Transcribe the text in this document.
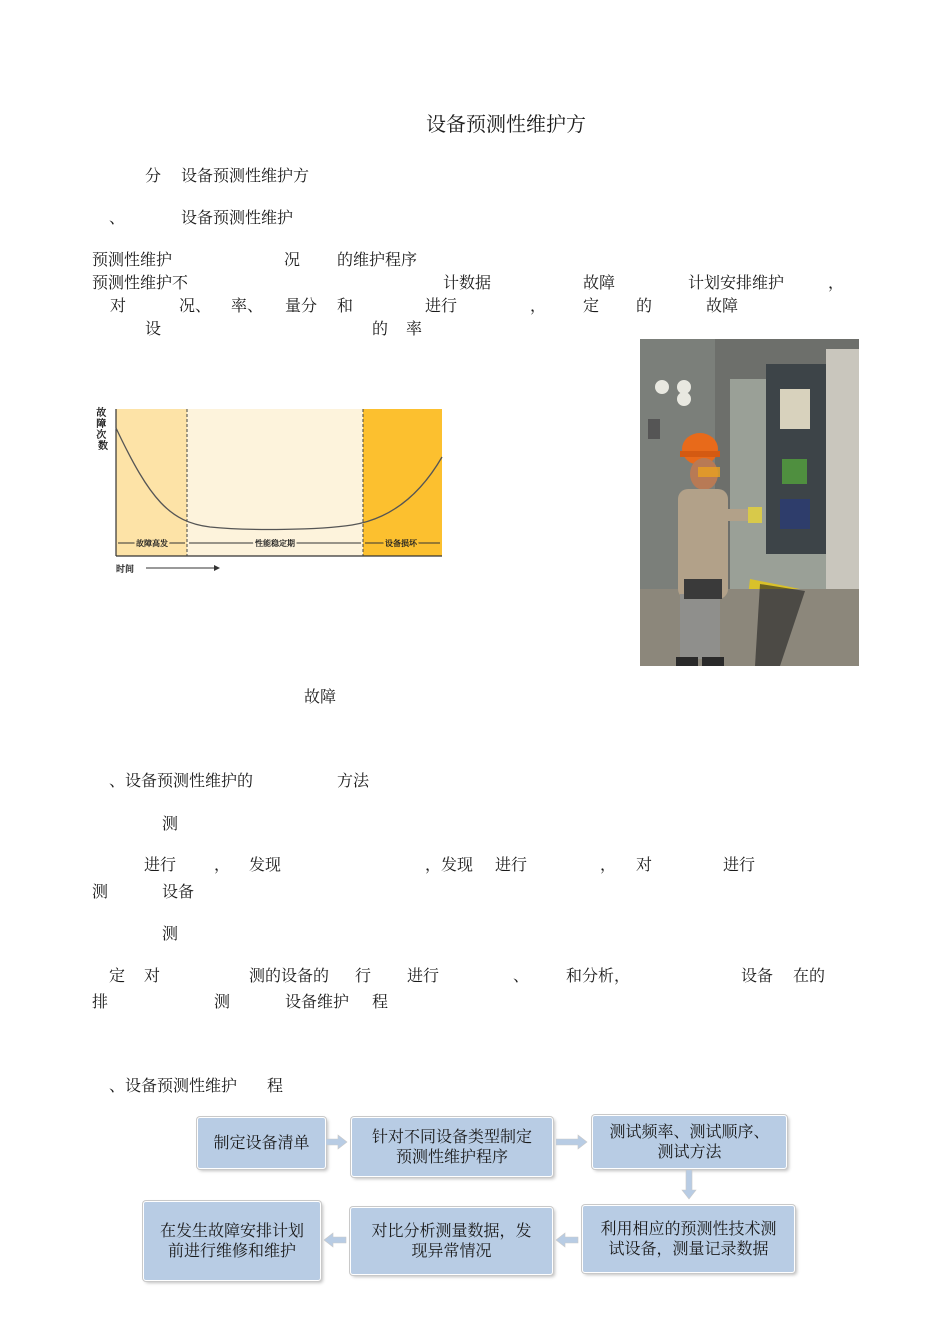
设备预测性维护方
分 设备预测性维护方
、	设备预测性维护
预测性维护	况 的维护程序
预测性维护不	计数据	故障	计划安排维护	，
对	况、 率、 量分 和	进行	， 定 的	故障
设	的 率
故障高发	性能稳定期	设备损坏
故 障 次 数
时间
故障
、设备预测性维护的	方法
测
进行 ， 发现	，发现 进行	， 对	进行
测	设备
测
定 对	测的设备的 行 进行	、 和分析，	设备 在的
排	测	设备维护 程
、设备预测性维护 程
制定设备清单	针对不同设备类型制定
预测性维护程序
测试频率、测试顺序、
测试方法
利用相应的预测性技术测
试设备，测量记录数据
对比分析测量数据，发
现异常情况
在发生故障安排计划
前进行维修和维护
